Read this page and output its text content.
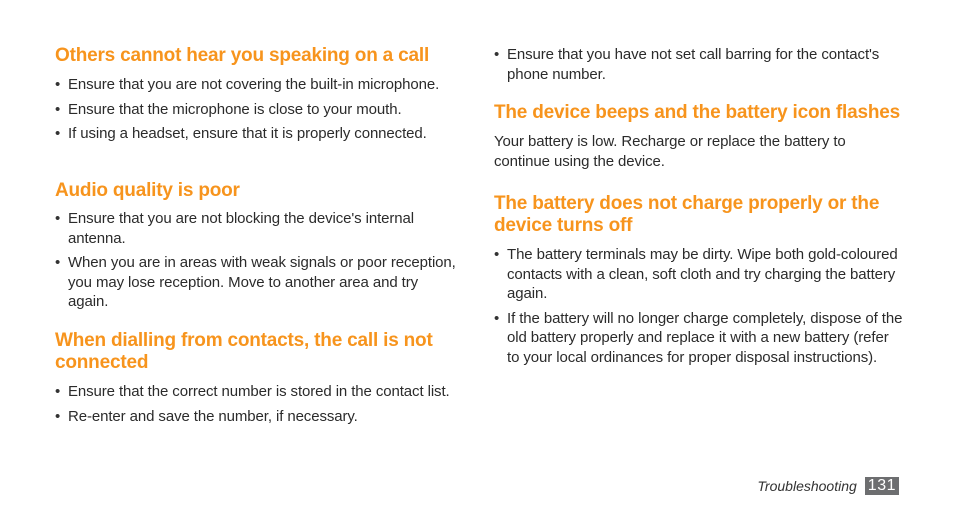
Others cannot hear you speaking on a call
• Ensure that you are not covering the built-in microphone.
• Ensure that the microphone is close to your mouth.
• If using a headset, ensure that it is properly connected.
Audio quality is poor
• Ensure that you are not blocking the device's internal antenna.
• When you are in areas with weak signals or poor reception, you may lose reception. Move to another area and try again.
When dialling from contacts, the call is not connected
• Ensure that the correct number is stored in the contact list.
• Re-enter and save the number, if necessary.
• Ensure that you have not set call barring for the contact's phone number.
The device beeps and the battery icon flashes

Your battery is low. Recharge or replace the battery to continue using the device.

The battery does not charge properly or the device turns off
• The battery terminals may be dirty. Wipe both gold-coloured contacts with a clean, soft cloth and try charging the battery again.
• If the battery will no longer charge completely, dispose of the old battery properly and replace it with a new battery (refer to your local ordinances for proper disposal instructions).
Troubleshooting 131
